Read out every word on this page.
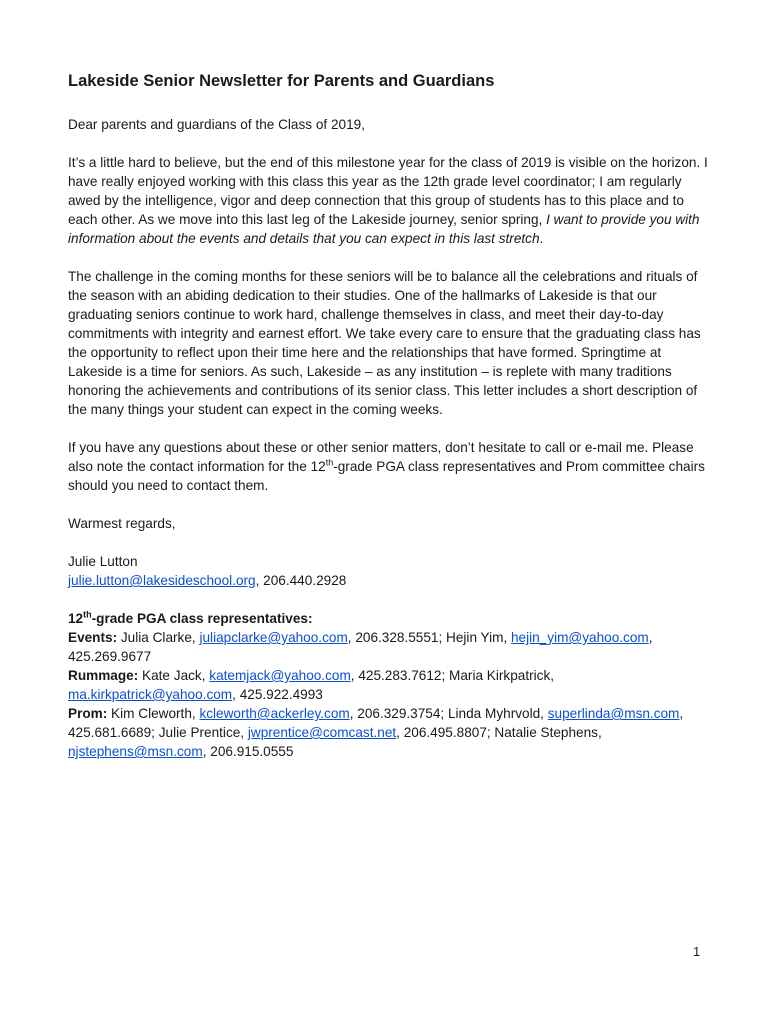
Lakeside Senior Newsletter for Parents and Guardians

Dear parents and guardians of the Class of 2019,

It’s a little hard to believe, but the end of this milestone year for the class of 2019 is visible on the horizon. I have really enjoyed working with this class this year as the 12th grade level coordinator; I am regularly awed by the intelligence, vigor and deep connection that this group of students has to this place and to each other. As we move into this last leg of the Lakeside journey, senior spring, I want to provide you with information about the events and details that you can expect in this last stretch.

The challenge in the coming months for these seniors will be to balance all the celebrations and rituals of the season with an abiding dedication to their studies. One of the hallmarks of Lakeside is that our graduating seniors continue to work hard, challenge themselves in class, and meet their day-to-day commitments with integrity and earnest effort. We take every care to ensure that the graduating class has the opportunity to reflect upon their time here and the relationships that have formed. Springtime at Lakeside is a time for seniors. As such, Lakeside – as any institution – is replete with many traditions honoring the achievements and contributions of its senior class. This letter includes a short description of the many things your student can expect in the coming weeks.

If you have any questions about these or other senior matters, don’t hesitate to call or e-mail me. Please also note the contact information for the 12th-grade PGA class representatives and Prom committee chairs should you need to contact them.

Warmest regards,

Julie Lutton
julie.lutton@lakesideschool.org, 206.440.2928

12th-grade PGA class representatives:
Events: Julia Clarke, juliapclarke@yahoo.com, 206.328.5551; Hejin Yim, hejin_yim@yahoo.com, 425.269.9677
Rummage: Kate Jack, katemjack@yahoo.com, 425.283.7612; Maria Kirkpatrick, ma.kirkpatrick@yahoo.com, 425.922.4993
Prom: Kim Cleworth, kcleworth@ackerley.com, 206.329.3754; Linda Myhrvold, superlinda@msn.com, 425.681.6689; Julie Prentice, jwprentice@comcast.net, 206.495.8807; Natalie Stephens, njstephens@msn.com, 206.915.0555
1
